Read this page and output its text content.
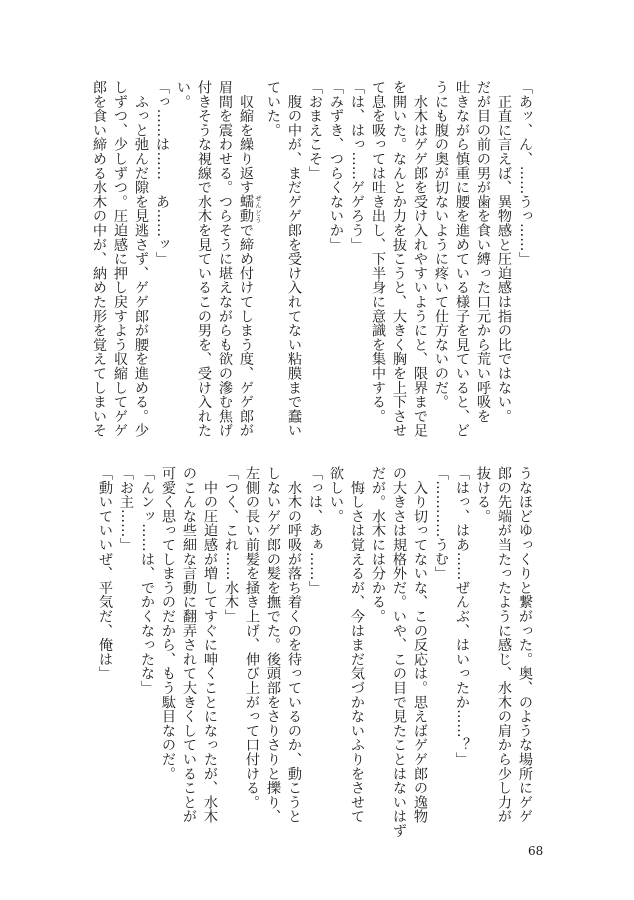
「あッ、ん、……うっ……」
　正直に言えば、異物感と圧迫感は指の比ではない。
だが目の前の男が歯を食い縛った口元から荒い呼吸を
吐きながら慎重に腰を進めている様子を見ていると、ど
うにも腹の奥が切ないように疼いて仕方ないのだ。
　水木はゲゲ郎を受け入れやすいようにと、限界まで足
を開いた。なんとか力を抜こうと、大きく胸を上下させ
て息を吸っては吐き出し、下半身に意識を集中する。
「は、はっ……ゲゲろう」
「みずき、つらくないか」
「おまえこそ」
　腹の中が、まだゲゲ郎を受け入れてない粘膜まで蠢い
ていた。
　収縮を繰り返す蠕動 ぜんどうで締め付けてしまう度、ゲゲ郎が
眉間を震わせる。つらそうに堪えながらも欲の滲む焦げ
付きそうな視線で水木を見ているこの男を、受け入れた
い。
「っ……は……　あ……ッ」
　ふっと弛んだ隙を見逃さず、ゲゲ郎が腰を進める。少
しずつ、少しずつ。圧迫感に押し戻すよう収縮してゲゲ
郎を食い締める水木の中が、納めた形を覚えてしまいそ
うなほどゆっくりと繋がった。奥、のような場所にゲゲ
郎の先端が当たったように感じ、水木の肩から少し力が
抜ける。
「はっ、はあ……ぜんぶ、はいったか……？」
「…………うむ」
　入り切ってないな、この反応は。思えばゲゲ郎の逸物
の大きさは規格外だ。いや、この目で見たことはないはず
だが。水木には分かる。
　悔しさは覚えるが、今はまだ気づかないふりをさせて
欲しい。
「っは、あぁ……」
　水木の呼吸が落ち着くのを待っているのか、動こうと
しないゲゲ郎の髪を撫でた。後頭部をさりさりと擽り、
左側の長い前髪を掻き上げ、伸び上がって口付ける。
「つく、これ……水木」
　中の圧迫感が増してすぐに呻くことになったが、水木
のこんな些細な言動に翻弄されて大きくしていることが
可愛く思ってしまうのだから、もう駄目なのだ。
「んンッ……は、でかくなったな」
「お主……」
「動いていいぜ、平気だ、俺は」
68
